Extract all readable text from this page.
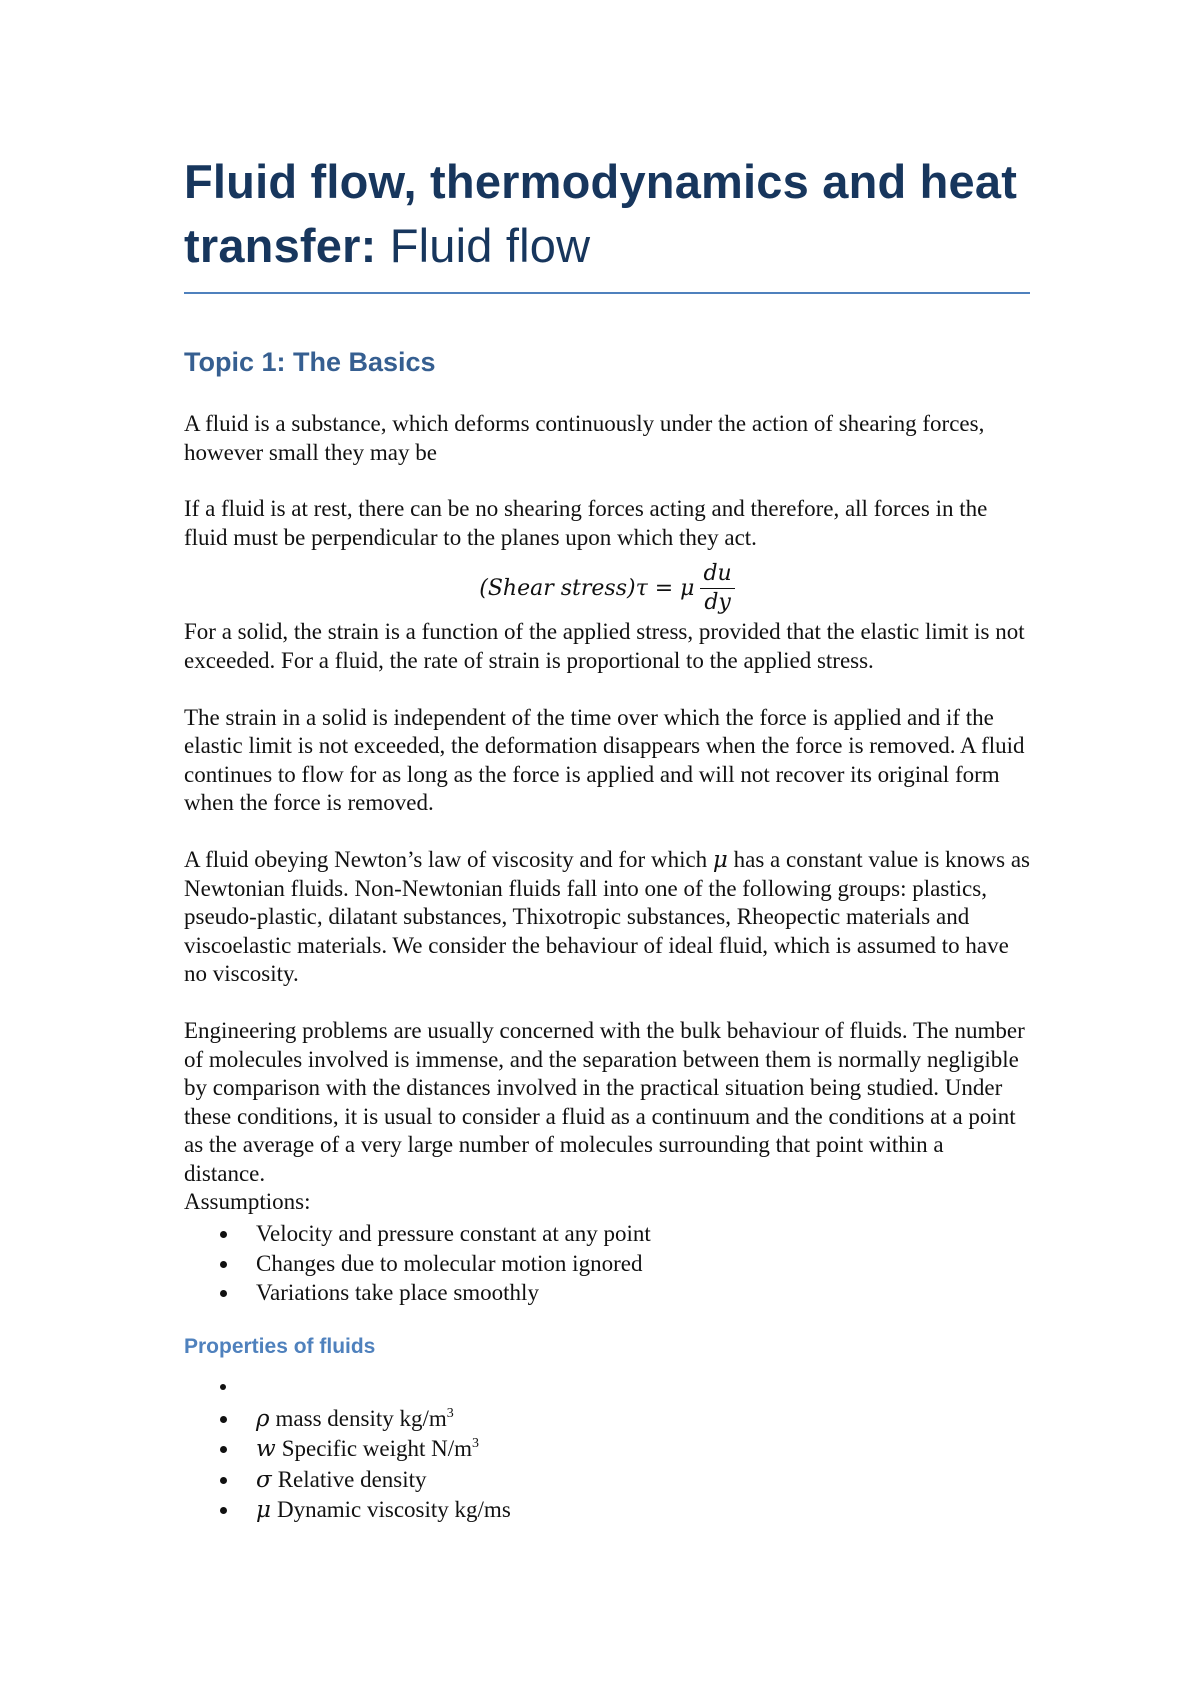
Fluid flow, thermodynamics and heat transfer: Fluid flow
Topic 1: The Basics

A fluid is a substance, which deforms continuously under the action of shearing forces, however small they may be

If a fluid is at rest, there can be no shearing forces acting and therefore, all forces in the fluid must be perpendicular to the planes upon which they act.

(Shear stress)τ = μ $\frac{du}{dy}$

For a solid, the strain is a function of the applied stress, provided that the elastic limit is not exceeded. For a fluid, the rate of strain is proportional to the applied stress.

The strain in a solid is independent of the time over which the force is applied and if the elastic limit is not exceeded, the deformation disappears when the force is removed. A fluid continues to flow for as long as the force is applied and will not recover its original form when the force is removed.

A fluid obeying Newton’s law of viscosity and for which μ has a constant value is knows as Newtonian fluids. Non-Newtonian fluids fall into one of the following groups: plastics, pseudo-plastic, dilatant substances, Thixotropic substances, Rheopectic materials and viscoelastic materials. We consider the behaviour of ideal fluid, which is assumed to have no viscosity.

Engineering problems are usually concerned with the bulk behaviour of fluids. The number of molecules involved is immense, and the separation between them is normally negligible by comparison with the distances involved in the practical situation being studied. Under these conditions, it is usual to consider a fluid as a continuum and the conditions at a point as the average of a very large number of molecules surrounding that point within a distance.

Assumptions:

Velocity and pressure constant at any point
Changes due to molecular motion ignored
Variations take place smoothly
Properties of fluids
ρ mass density $kg/m^3$
w Specific weight $N/m^3$
σ Relative density
μ Dynamic viscosity kg/ms
